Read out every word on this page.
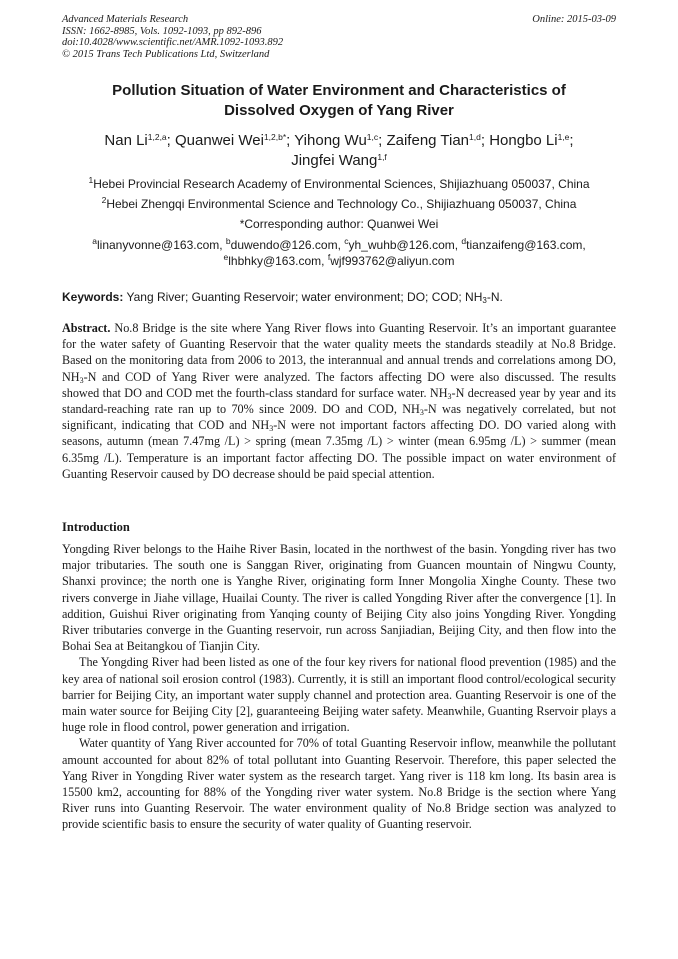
Advanced Materials Research
ISSN: 1662-8985, Vols. 1092-1093, pp 892-896
doi:10.4028/www.scientific.net/AMR.1092-1093.892
© 2015 Trans Tech Publications Ltd, Switzerland
Online: 2015-03-09
Pollution Situation of Water Environment and Characteristics of
Dissolved Oxygen of Yang River
Nan Li$^{1,2,a}$; Quanwei Wei$^{1,2,b*}$; Yihong Wu$^{1,c}$; Zaifeng Tian$^{1,d}$; Hongbo Li$^{1,e}$;
Jingfei Wang$^{1,f}$
$^1$Hebei Provincial Research Academy of Environmental Sciences, Shijiazhuang 050037, China
$^2$Hebei Zhengqi Environmental Science and Technology Co., Shijiazhuang 050037, China
*Corresponding author: Quanwei Wei
$^a$linanyvonne@163.com, $^b$duwendo@126.com, $^c$yh_wuhb@126.com, $^d$tianzaifeng@163.com,
$^e$lhbhky@163.com, $^f$wjf993762@aliyun.com
Keywords: Yang River; Guanting Reservoir; water environment; DO; COD; $NH_3-N$.
Abstract. No.8 Bridge is the site where Yang River flows into Guanting Reservoir. It’s an important guarantee for the water safety of Guanting Reservoir that the water quality meets the standards steadily at No.8 Bridge. Based on the monitoring data from 2006 to 2013, the interannual and annual trends and correlations among DO, $NH_3-N$ and COD of Yang River were analyzed. The factors affecting DO were also discussed. The results showed that DO and COD met the fourth-class standard for surface water. $NH_3-N$ decreased year by year and its standard-reaching rate ran up to 70% since 2009. DO and COD, $NH_3-N$ was negatively correlated, but not significant, indicating that COD and $NH_3-N$ were not important factors affecting DO. DO varied along with seasons, autumn (mean 7.47mg /L) > spring (mean 7.35mg /L) > winter (mean 6.95mg /L) > summer (mean 6.35mg /L). Temperature is an important factor affecting DO. The possible impact on water environment of Guanting Reservoir caused by DO decrease should be paid special attention.
Introduction

Yongding River belongs to the Haihe River Basin, located in the northwest of the basin. Yongding river has two major tributaries. The south one is Sanggan River, originating from Guancen mountain of Ningwu County, Shanxi province; the north one is Yanghe River, originating form Inner Mongolia Xinghe County. These two rivers converge in Jiahe village, Huailai County. The river is called Yongding River after the convergence [1]. In addition, Guishui River originating from Yanqing county of Beijing City also joins Yongding River. Yongding River tributaries converge in the Guanting reservoir, run across Sanjiadian, Beijing City, and then flow into the Bohai Sea at Beitangkou of Tianjin City.

The Yongding River had been listed as one of the four key rivers for national flood prevention (1985) and the key area of national soil erosion control (1983). Currently, it is still an important flood control/ecological security barrier for Beijing City, an important water supply channel and protection area. Guanting Reservoir is one of the main water source for Beijing City [2], guaranteeing Beijing water safety. Meanwhile, Guanting Rservoir plays a huge role in flood control, power generation and irrigation.

Water quantity of Yang River accounted for 70% of total Guanting Reservoir inflow, meanwhile the pollutant amount accounted for about 82% of total pollutant into Guanting Reservoir. Therefore, this paper selected the Yang River in Yongding River water system as the research target. Yang river is 118 km long. Its basin area is 15500 km2, accounting for 88% of the Yongding river water system. No.8 Bridge is the section where Yang River runs into Guanting Reservoir. The water environment quality of No.8 Bridge section was analyzed to provide scientific basis to ensure the security of water quality of Guanting reservoir.
